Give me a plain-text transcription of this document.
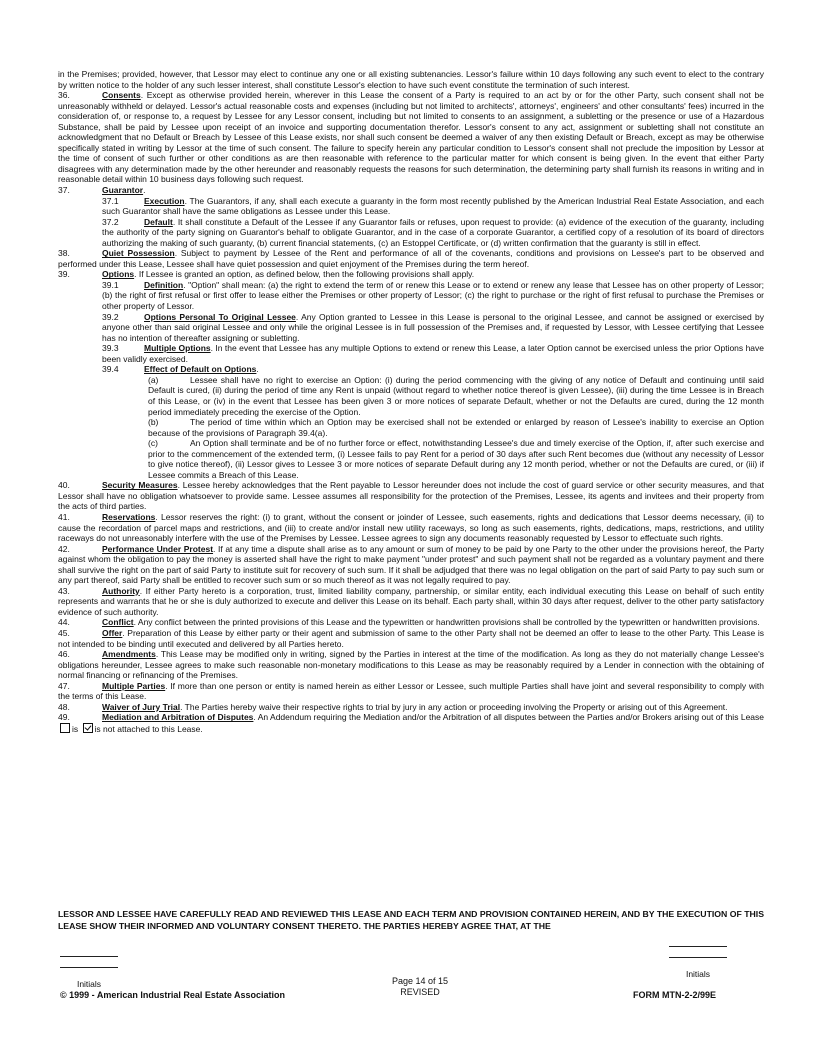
in the Premises; provided, however, that Lessor may elect to continue any one or all existing subtenancies. Lessor's failure within 10 days following any such event to elect to the contrary by written notice to the holder of any such lesser interest, shall constitute Lessor's election to have such event constitute the termination of such interest.
36.	Consents. Except as otherwise provided herein, wherever in this Lease the consent of a Party is required to an act by or for the other Party, such consent shall not be unreasonably withheld or delayed. Lessor's actual reasonable costs and expenses (including but not limited to architects', attorneys', engineers' and other consultants' fees) incurred in the consideration of, or response to, a request by Lessee for any Lessor consent, including but not limited to consents to an assignment, a subletting or the presence or use of a Hazardous Substance, shall be paid by Lessee upon receipt of an invoice and supporting documentation therefor. Lessor's consent to any act, assignment or subletting shall not constitute an acknowledgment that no Default or Breach by Lessee of this Lease exists, nor shall such consent be deemed a waiver of any then existing Default or Breach, except as may be otherwise specifically stated in writing by Lessor at the time of such consent. The failure to specify herein any particular condition to Lessor's consent shall not preclude the imposition by Lessor at the time of consent of such further or other conditions as are then reasonable with reference to the particular matter for which consent is being given. In the event that either Party disagrees with any determination made by the other hereunder and reasonably requests the reasons for such determination, the determining party shall furnish its reasons in writing and in reasonable detail within 10 business days following such request.
37.	Guarantor.
37.1	Execution. The Guarantors, if any, shall each execute a guaranty in the form most recently published by the American Industrial Real Estate Association, and each such Guarantor shall have the same obligations as Lessee under this Lease.
37.2	Default. It shall constitute a Default of the Lessee if any Guarantor fails or refuses, upon request to provide: (a) evidence of the execution of the guaranty, including the authority of the party signing on Guarantor's behalf to obligate Guarantor, and in the case of a corporate Guarantor, a certified copy of a resolution of its board of directors authorizing the making of such guaranty, (b) current financial statements, (c) an Estoppel Certificate, or (d) written confirmation that the guaranty is still in effect.
38.	Quiet Possession. Subject to payment by Lessee of the Rent and performance of all of the covenants, conditions and provisions on Lessee's part to be observed and performed under this Lease, Lessee shall have quiet possession and quiet enjoyment of the Premises during the term hereof.
39.	Options. If Lessee is granted an option, as defined below, then the following provisions shall apply.
39.1	Definition. "Option" shall mean: (a) the right to extend the term of or renew this Lease or to extend or renew any lease that Lessee has on other property of Lessor; (b) the right of first refusal or first offer to lease either the Premises or other property of Lessor; (c) the right to purchase or the right of first refusal to purchase the Premises or other property of Lessor.
39.2	Options Personal To Original Lessee. Any Option granted to Lessee in this Lease is personal to the original Lessee, and cannot be assigned or exercised by anyone other than said original Lessee and only while the original Lessee is in full possession of the Premises and, if requested by Lessor, with Lessee certifying that Lessee has no intention of thereafter assigning or subletting.
39.3	Multiple Options. In the event that Lessee has any multiple Options to extend or renew this Lease, a later Option cannot be exercised unless the prior Options have been validly exercised.
39.4	Effect of Default on Options.
(a)	Lessee shall have no right to exercise an Option: (i) during the period commencing with the giving of any notice of Default and continuing until said Default is cured, (ii) during the period of time any Rent is unpaid (without regard to whether notice thereof is given Lessee), (iii) during the time Lessee is in Breach of this Lease, or (iv) in the event that Lessee has been given 3 or more notices of separate Default, whether or not the Defaults are cured, during the 12 month period immediately preceding the exercise of the Option.
(b)	The period of time within which an Option may be exercised shall not be extended or enlarged by reason of Lessee's inability to exercise an Option because of the provisions of Paragraph 39.4(a).
(c)	An Option shall terminate and be of no further force or effect, notwithstanding Lessee's due and timely exercise of the Option, if, after such exercise and prior to the commencement of the extended term, (i) Lessee fails to pay Rent for a period of 30 days after such Rent becomes due (without any necessity of Lessor to give notice thereof), (ii) Lessor gives to Lessee 3 or more notices of separate Default during any 12 month period, whether or not the Defaults are cured, or (iii) if Lessee commits a Breach of this Lease.
40.	Security Measures. Lessee hereby acknowledges that the Rent payable to Lessor hereunder does not include the cost of guard service or other security measures, and that Lessor shall have no obligation whatsoever to provide same. Lessee assumes all responsibility for the protection of the Premises, Lessee, its agents and invitees and their property from the acts of third parties.
41.	Reservations. Lessor reserves the right: (i) to grant, without the consent or joinder of Lessee, such easements, rights and dedications that Lessor deems necessary, (ii) to cause the recordation of parcel maps and restrictions, and (iii) to create and/or install new utility raceways, so long as such easements, rights, dedications, maps, restrictions, and utility raceways do not unreasonably interfere with the use of the Premises by Lessee. Lessee agrees to sign any documents reasonably requested by Lessor to effectuate such rights.
42.	Performance Under Protest. If at any time a dispute shall arise as to any amount or sum of money to be paid by one Party to the other under the provisions hereof, the Party against whom the obligation to pay the money is asserted shall have the right to make payment "under protest" and such payment shall not be regarded as a voluntary payment and there shall survive the right on the part of said Party to institute suit for recovery of such sum. If it shall be adjudged that there was no legal obligation on the part of said Party to pay such sum or any part thereof, said Party shall be entitled to recover such sum or so much thereof as it was not legally required to pay.
43.	Authority. If either Party hereto is a corporation, trust, limited liability company, partnership, or similar entity, each individual executing this Lease on behalf of such entity represents and warrants that he or she is duly authorized to execute and deliver this Lease on its behalf. Each party shall, within 30 days after request, deliver to the other party satisfactory evidence of such authority.
44.	Conflict. Any conflict between the printed provisions of this Lease and the typewritten or handwritten provisions shall be controlled by the typewritten or handwritten provisions.
45.	Offer. Preparation of this Lease by either party or their agent and submission of same to the other Party shall not be deemed an offer to lease to the other Party. This Lease is not intended to be binding until executed and delivered by all Parties hereto.
46.	Amendments. This Lease may be modified only in writing, signed by the Parties in interest at the time of the modification. As long as they do not materially change Lessee's obligations hereunder, Lessee agrees to make such reasonable non-monetary modifications to this Lease as may be reasonably required by a Lender in connection with the obtaining of normal financing or refinancing of the Premises.
47.	Multiple Parties. If more than one person or entity is named herein as either Lessor or Lessee, such multiple Parties shall have joint and several responsibility to comply with the terms of this Lease.
48.	Waiver of Jury Trial. The Parties hereby waive their respective rights to trial by jury in any action or proceeding involving the Property or arising out of this Agreement.
49.	Mediation and Arbitration of Disputes. An Addendum requiring the Mediation and/or the Arbitration of all disputes between the Parties and/or Brokers arising out of this Lease is is not attached to this Lease.
LESSOR AND LESSEE HAVE CAREFULLY READ AND REVIEWED THIS LEASE AND EACH TERM AND PROVISION CONTAINED HEREIN, AND BY THE EXECUTION OF THIS LEASE SHOW THEIR INFORMED AND VOLUNTARY CONSENT THERETO. THE PARTIES HEREBY AGREE THAT, AT THE
Initials
Initials
© 1999 - American Industrial Real Estate Association
Page 14 of 15
REVISED	FORM MTN-2-2/99E
